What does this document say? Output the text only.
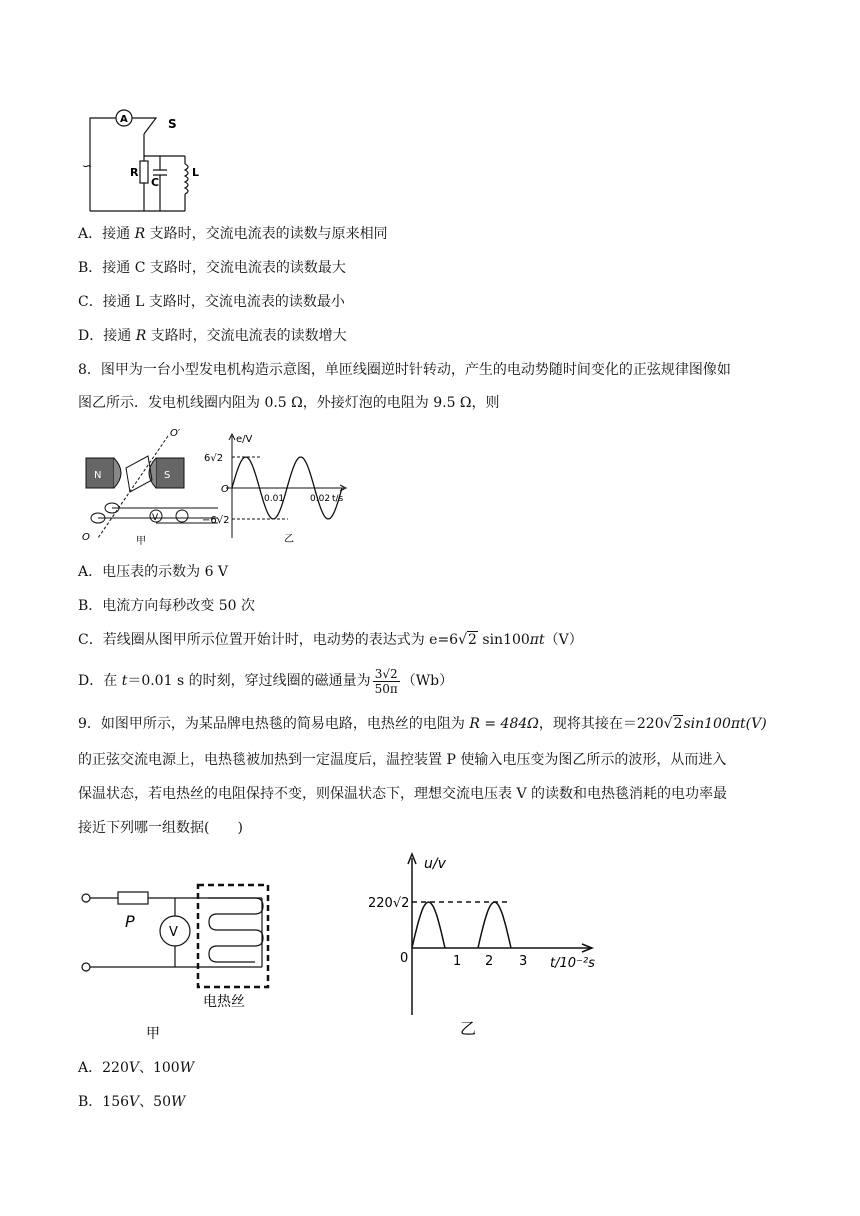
A	S
R
C
L
∽
A．接通 R 支路时，交流电流表的读数与原来相同
B．接通 C 支路时，交流电流表的读数最大
C．接通 L 支路时，交流电流表的读数最小
D．接通 R 支路时，交流电流表的读数增大
8．图甲为一台小型发电机构造示意图，单匝线圈逆时针转动，产生的电动势随时间变化的正弦规律图像如
图乙所示．发电机线圈内阻为 0.5 Ω，外接灯泡的电阻为 9.5 Ω，则
N	S
O′
O
V
甲
e/V
6√2
−6√2
O
0.01	0.02 t/s
乙
A．电压表的示数为 6 V
B．电流方向每秒改变 50 次
C．若线圈从图甲所示位置开始计时，电动势的表达式为 e=6√2 sin100πt（V）
D．在 t＝0.01 s 的时刻，穿过线圈的磁通量为 $\frac{3√2}{50\pi} (Wb)$
9．如图甲所示，为某品牌电热毯的简易电路，电热丝的电阻为 R = 484Ω，现将其接在＝220√2sin100πt(V)
的正弦交流电源上，电热毯被加热到一定温度后，温控装置 P 使输入电压变为图乙所示的波形，从而进入
保温状态，若电热丝的电阻保持不变，则保温状态下，理想交流电压表 V 的读数和电热毯消耗的电功率最
接近下列哪一组数据(　　)
P
V
电热丝
甲
u/v
220√2
0	1 2 3 t/10⁻²s
乙
A．220V、100W
B．156V、50W
